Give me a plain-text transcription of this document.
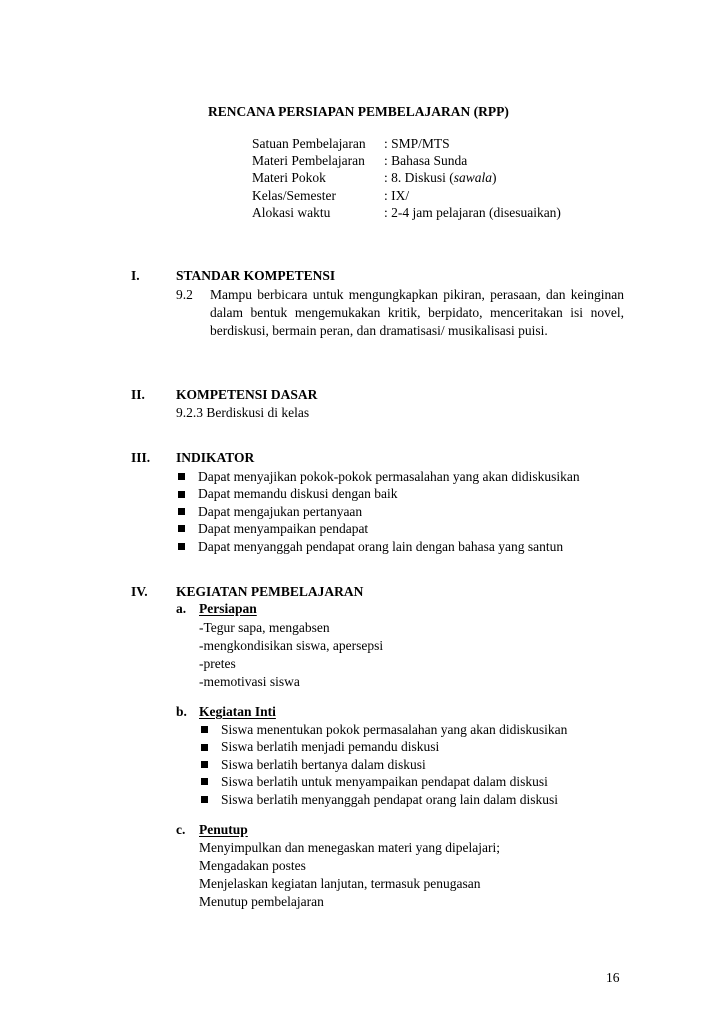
RENCANA PERSIAPAN PEMBELAJARAN (RPP)
Satuan Pembelajaran	: SMP/MTS
Materi Pembelajaran	: Bahasa Sunda
Materi Pokok	: 8. Diskusi (sawala)
Kelas/Semester	: IX/
Alokasi waktu	: 2-4 jam pelajaran (disesuaikan)
I.	STANDAR KOMPETENSI
9.2 Mampu berbicara untuk mengungkapkan pikiran, perasaan, dan keinginan dalam bentuk mengemukakan kritik, berpidato, menceritakan isi novel, berdiskusi, bermain peran, dan dramatisasi/ musikalisasi puisi.
II. KOMPETENSI DASAR
9.2.3 Berdiskusi di kelas
III. INDIKATOR
Dapat menyajikan pokok-pokok permasalahan yang akan didiskusikan
Dapat memandu diskusi dengan baik
Dapat mengajukan pertanyaan
Dapat menyampaikan pendapat
Dapat menyanggah pendapat orang lain dengan bahasa yang santun
IV. KEGIATAN PEMBELAJARAN
a. Persiapan
-Tegur sapa, mengabsen
-mengkondisikan siswa, apersepsi
-pretes
-memotivasi siswa
b. Kegiatan Inti
Siswa menentukan pokok permasalahan yang akan didiskusikan
Siswa berlatih menjadi pemandu diskusi
Siswa berlatih bertanya dalam diskusi
Siswa berlatih untuk menyampaikan pendapat dalam diskusi
Siswa berlatih menyanggah pendapat orang lain dalam diskusi
c. Penutup
Menyimpulkan dan menegaskan materi yang dipelajari;
Mengadakan postes
Menjelaskan kegiatan lanjutan, termasuk penugasan
Menutup pembelajaran
16
